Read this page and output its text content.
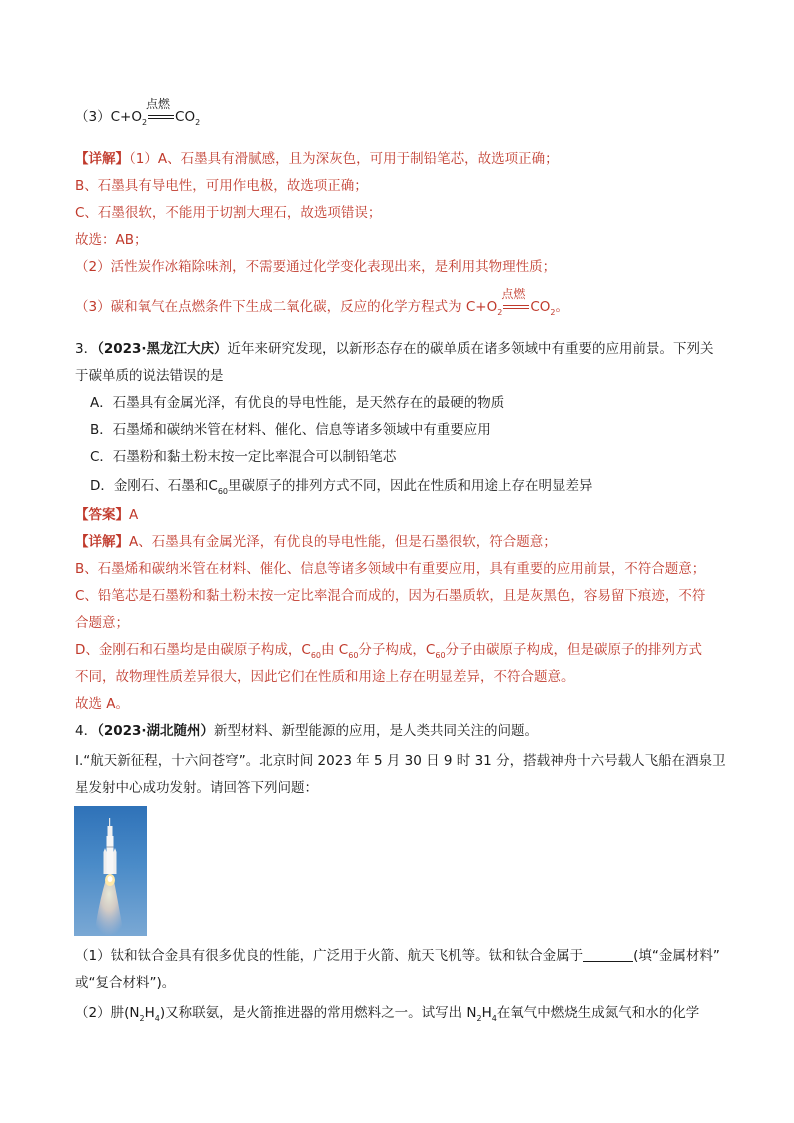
$(3)C+O_2$
点燃
$CO_2$
【详解】（1）A、石墨具有滑腻感，且为深灰色，可用于制铅笔芯，故选项正确；
B、石墨具有导电性，可用作电极，故选项正确；
C、石墨很软，不能用于切割大理石，故选项错误；
故选：AB；
（2）活性炭作冰箱除味剂，不需要通过化学变化表现出来，是利用其物理性质；
（3）碳和氧气在点燃条件下生成二氧化碳，反应的化学方程式为 $C+O_2$
点燃
$CO_2$。
3．（2023·黑龙江大庆）近年来研究发现，以新形态存在的碳单质在诸多领域中有重要的应用前景。下列关
于碳单质的说法错误的是
A．石墨具有金属光泽，有优良的导电性能，是天然存在的最硬的物质
B．石墨烯和碳纳米管在材料、催化、信息等诸多领域中有重要应用
C．石墨粉和黏土粉末按一定比率混合可以制铅笔芯
D．金刚石、石墨和$C_{60}$里碳原子的排列方式不同，因此在性质和用途上存在明显差异
【答案】A
【详解】A、石墨具有金属光泽，有优良的导电性能，但是石墨很软，符合题意；
B、石墨烯和碳纳米管在材料、催化、信息等诸多领域中有重要应用，具有重要的应用前景，不符合题意；
C、铅笔芯是石墨粉和黏土粉末按一定比率混合而成的，因为石墨质软，且是灰黑色，容易留下痕迹，不符
合题意；
D、金刚石和石墨均是由碳原子构成，$C_{60}$由 $C_{60}$分子构成，$C_{60}$分子由碳原子构成，但是碳原子的排列方式
不同，故物理性质差异很大，因此它们在性质和用途上存在明显差异，不符合题意。
故选 A。
4．（2023·湖北随州）新型材料、新型能源的应用，是人类共同关注的问题。
Ⅰ.“航天新征程，十六问苍穹”。北京时间 2023 年 5 月 30 日 9 时 31 分，搭载神舟十六号载人飞船在酒泉卫
星发射中心成功发射。请回答下列问题：
（1）钛和钛合金具有很多优良的性能，广泛用于火箭、航天飞机等。钛和钛合金属于	(填“金属材料”
或“复合材料”)。
（2）肼$(N_2H_4)$又称联氨，是火箭推进器的常用燃料之一。试写出 $N_2H_4$在氧气中燃烧生成氮气和水的化学
